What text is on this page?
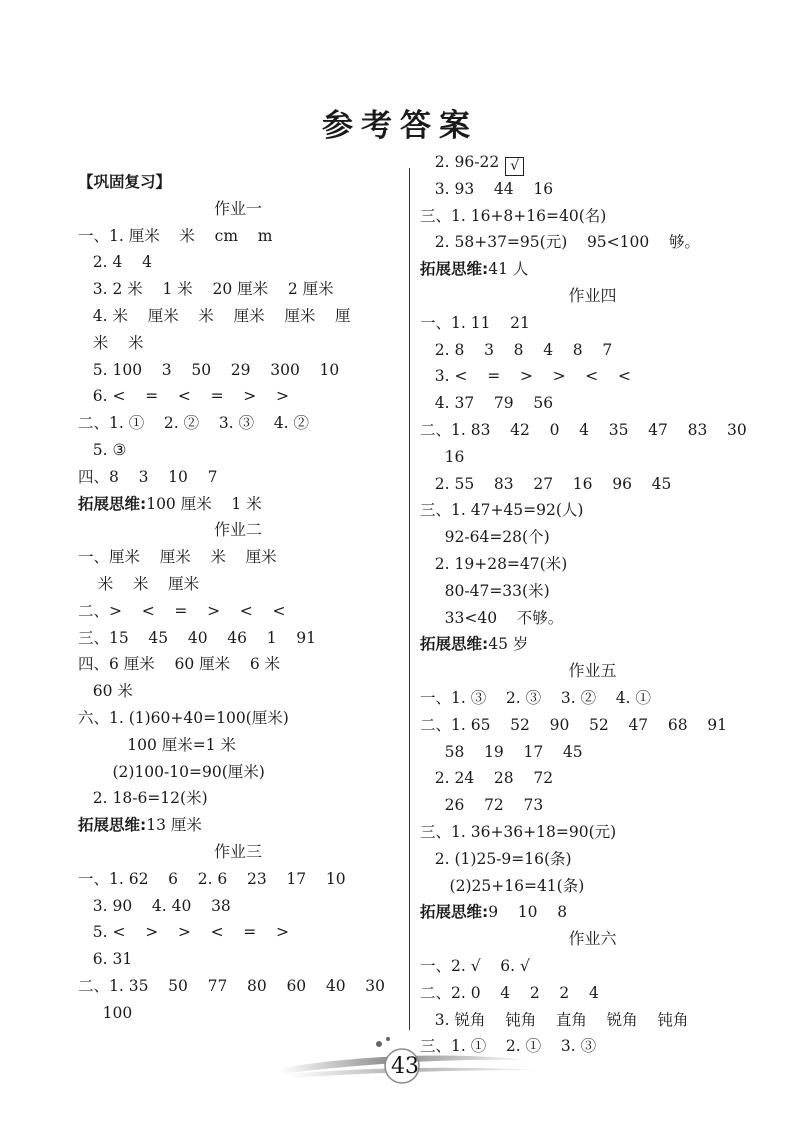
参考答案
【巩固复习】
作业一
一、1. 厘米    米    cm    m
2. 4    4
3. 2 米    1 米    20 厘米    2 厘米
4. 米    厘米    米    厘米    厘米    厘
米    米
5. 100    3    50    29    300    10
6. <    =    <    =    >    >
二、1. ①    2. ②    3. ③    4. ②
5. ③
四、8    3    10    7
拓展思维:100 厘米    1 米
作业二
一、厘米    厘米    米    厘米
米    米    厘米
二、>    <    =    >    <    <
三、15    45    40    46    1    91
四、6 厘米    60 厘米    6 米
60 米
六、1. (1)60+40=100(厘米)
100 厘米=1 米
(2)100-10=90(厘米)
2. 18-6=12(米)
拓展思维:13 厘米
作业三
一、1. 62    6    2. 6    23    17    10
3. 90    4. 40    38
5. <    >    >    <    =    >
6. 31
二、1. 35    50    77    80    60    40    30
100
2. 96-22 √
3. 93    44    16
三、1. 16+8+16=40(名)
2. 58+37=95(元)    95<100    够。
拓展思维:41 人
作业四
一、1. 11    21
2. 8    3    8    4    8    7
3. <    =    >    >    <    <
4. 37    79    56
二、1. 83    42    0    4    35    47    83    30
16
2. 55    83    27    16    96    45
三、1. 47+45=92(人)
92-64=28(个)
2. 19+28=47(米)
80-47=33(米)
33<40    不够。
拓展思维:45 岁
作业五
一、1. ③    2. ③    3. ②    4. ①
二、1. 65    52    90    52    47    68    91
58    19    17    45
2. 24    28    72
26    72    73
三、1. 36+36+18=90(元)
2. (1)25-9=16(条)
(2)25+16=41(条)
拓展思维:9    10    8
作业六
一、2. √    6. √
二、2. 0    4    2    2    4
3. 锐角    钝角    直角    锐角    钝角
三、1. ①    2. ①    3. ③
43
